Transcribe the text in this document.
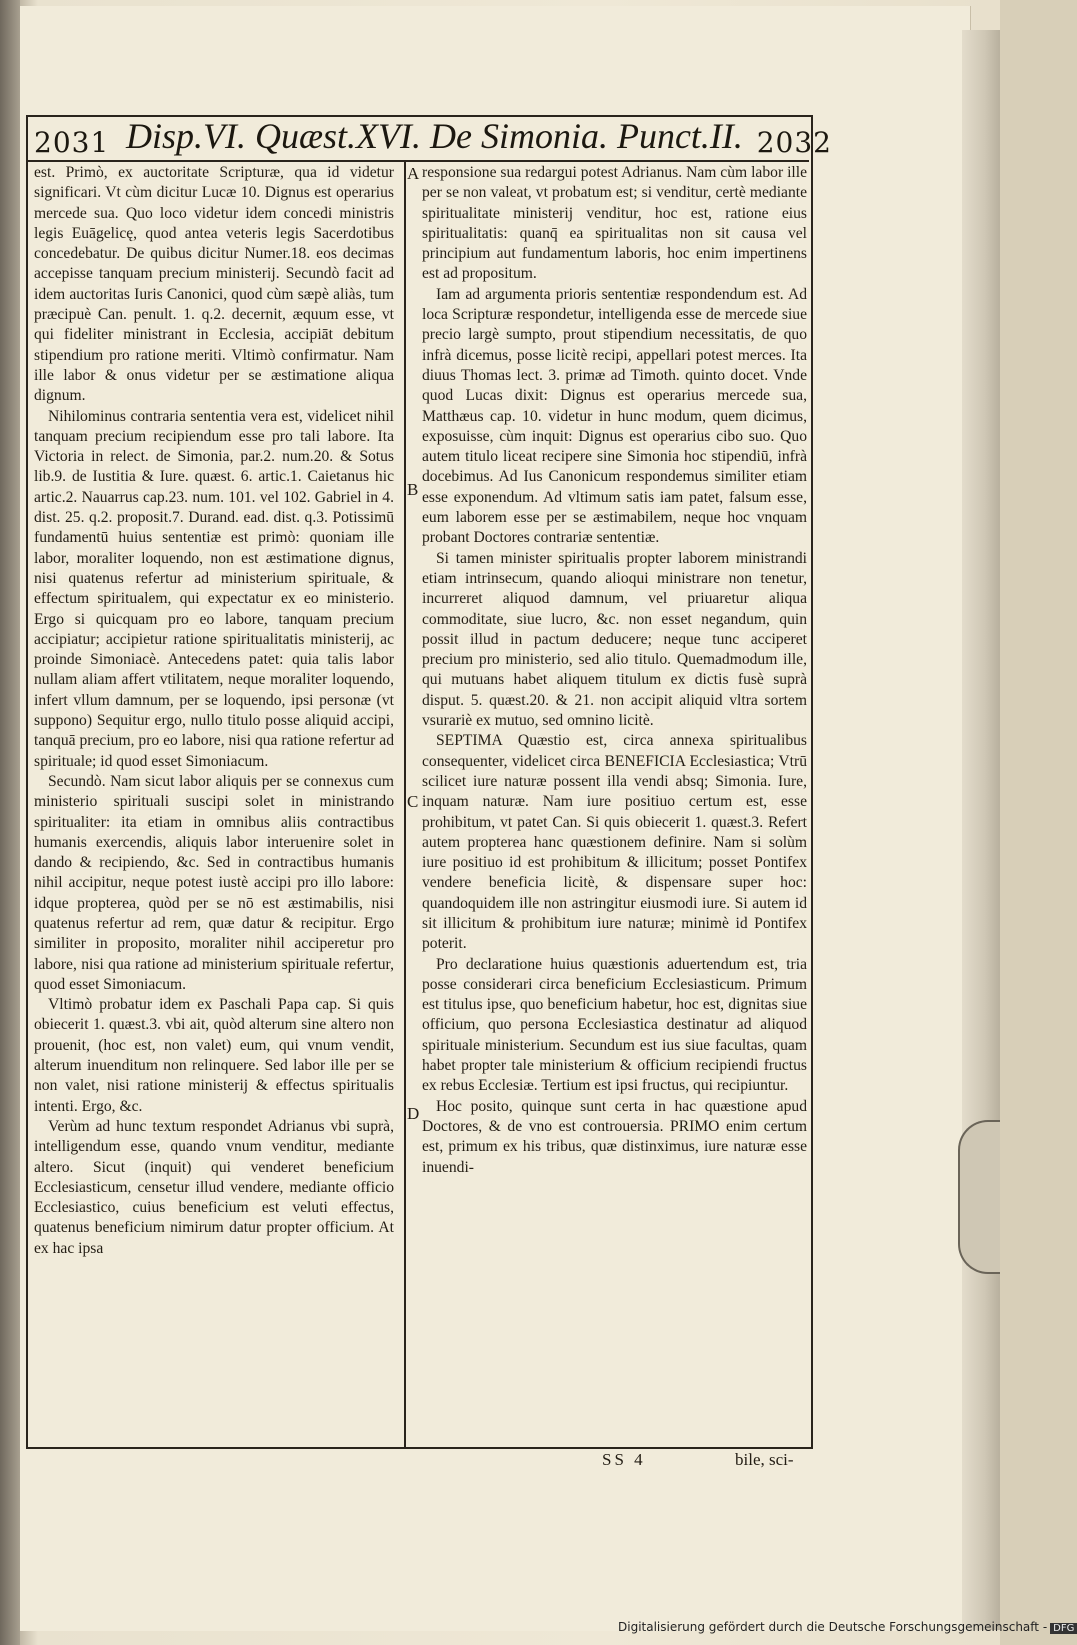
2031 Disp.VI. Quæst.XVI. De Simonia. Punct.II. 2032

est. Primò, ex auctoritate Scripturæ, qua id videtur significari. Vt cùm dicitur Lucæ 10. Dignus est operarius mercede sua. Quo loco videtur idem concedi ministris legis Euāgelicę, quod antea veteris legis Sacerdotibus concedebatur. De quibus dicitur Numer.18. eos decimas accepisse tanquam precium ministerij. Secundò facit ad idem auctoritas Iuris Canonici, quod cùm sæpè aliàs, tum præcipuè Can. penult. 1. q.2. decernit, æquum esse, vt qui fideliter ministrant in Ecclesia, accipiāt debitum stipendium pro ratione meriti. Vltimò confirmatur. Nam ille labor & onus videtur per se æstimatione aliqua dignum.

Nihilominus contraria sententia vera est, videlicet nihil tanquam precium recipiendum esse pro tali labore. Ita Victoria in relect. de Simonia, par.2. num.20. & Sotus lib.9. de Iustitia & Iure. quæst. 6. artic.1. Caietanus hic artic.2. Nauarrus cap.23. num. 101. vel 102. Gabriel in 4. dist. 25. q.2. proposit.7. Durand. ead. dist. q.3. Potissimū fundamentū huius sententiæ est primò: quoniam ille labor, moraliter loquendo, non est æstimatione dignus, nisi quatenus refertur ad ministerium spirituale, & effectum spiritualem, qui expectatur ex eo ministerio. Ergo si quicquam pro eo labore, tanquam precium accipiatur; accipietur ratione spiritualitatis ministerij, ac proinde Simoniacè. Antecedens patet: quia talis labor nullam aliam affert vtilitatem, neque moraliter loquendo, infert vllum damnum, per se loquendo, ipsi personæ (vt suppono) Sequitur ergo, nullo titulo posse aliquid accipi, tanquā precium, pro eo labore, nisi qua ratione refertur ad spirituale; id quod esset Simoniacum.

Secundò. Nam sicut labor aliquis per se connexus cum ministerio spirituali suscipi solet in ministrando spiritualiter: ita etiam in omnibus aliis contractibus humanis exercendis, aliquis labor interuenire solet in dando & recipiendo, &c. Sed in contractibus humanis nihil accipitur, neque potest iustè accipi pro illo labore: idque propterea, quòd per se nō est æstimabilis, nisi quatenus refertur ad rem, quæ datur & recipitur. Ergo similiter in proposito, moraliter nihil acciperetur pro labore, nisi qua ratione ad ministerium spirituale refertur, quod esset Simoniacum.

Vltimò probatur idem ex Paschali Papa cap. Si quis obiecerit 1. quæst.3. vbi ait, quòd alterum sine altero non prouenit, (hoc est, non valet) eum, qui vnum vendit, alterum inuenditum non relinquere. Sed labor ille per se non valet, nisi ratione ministerij & effectus spiritualis intenti. Ergo, &c.

Verùm ad hunc textum respondet Adrianus vbi suprà, intelligendum esse, quando vnum venditur, mediante altero. Sicut (inquit) qui venderet beneficium Ecclesiasticum, censetur illud vendere, mediante officio Ecclesiastico, cuius beneficium est veluti effectus, quatenus beneficium nimirum datur propter officium. At ex hac ipsa

responsione sua redargui potest Adrianus. Nam cùm labor ille per se non valeat, vt probatum est; si venditur, certè mediante spiritualitate ministerij venditur, hoc est, ratione eius spiritualitatis: quanq̄ ea spiritualitas non sit causa vel principium aut fundamentum laboris, hoc enim impertinens est ad propositum.

Iam ad argumenta prioris sententiæ respondendum est. Ad loca Scripturæ respondetur, intelligenda esse de mercede siue precio largè sumpto, prout stipendium necessitatis, de quo infrà dicemus, posse licitè recipi, appellari potest merces. Ita diuus Thomas lect. 3. primæ ad Timoth. quinto docet. Vnde quod Lucas dixit: Dignus est operarius mercede sua, Matthæus cap. 10. videtur in hunc modum, quem dicimus, exposuisse, cùm inquit: Dignus est operarius cibo suo. Quo autem titulo liceat recipere sine Simonia hoc stipendiū, infrà docebimus. Ad Ius Canonicum respondemus similiter etiam esse exponendum. Ad vltimum satis iam patet, falsum esse, eum laborem esse per se æstimabilem, neque hoc vnquam probant Doctores contrariæ sententiæ.

Si tamen minister spiritualis propter laborem ministrandi etiam intrinsecum, quando alioqui ministrare non tenetur, incurreret aliquod damnum, vel priuaretur aliqua commoditate, siue lucro, &c. non esset negandum, quin possit illud in pactum deducere; neque tunc acciperet precium pro ministerio, sed alio titulo. Quemadmodum ille, qui mutuans habet aliquem titulum ex dictis fusè suprà disput. 5. quæst.20. & 21. non accipit aliquid vltra sortem vsurariè ex mutuo, sed omnino licitè.

SEPTIMA Quæstio est, circa annexa spiritualibus consequenter, videlicet circa BENEFICIA Ecclesiastica; Vtrū scilicet iure naturæ possent illa vendi absq; Simonia. Iure, inquam naturæ. Nam iure positiuo certum est, esse prohibitum, vt patet Can. Si quis obiecerit 1. quæst.3. Refert autem propterea hanc quæstionem definire. Nam si solùm iure positiuo id est prohibitum & illicitum; posset Pontifex vendere beneficia licitè, & dispensare super hoc: quandoquidem ille non astringitur eiusmodi iure. Si autem id sit illicitum & prohibitum iure naturæ; minimè id Pontifex poterit.

Pro declaratione huius quæstionis aduertendum est, tria posse considerari circa beneficium Ecclesiasticum. Primum est titulus ipse, quo beneficium habetur, hoc est, dignitas siue officium, quo persona Ecclesiastica destinatur ad aliquod spirituale ministerium. Secundum est ius siue facultas, quam habet propter tale ministerium & officium recipiendi fructus ex rebus Ecclesiæ. Tertium est ipsi fructus, qui recipiuntur.

Hoc posito, quinque sunt certa in hac quæstione apud Doctores, & de vno est controuersia. PRIMO enim certum est, primum ex his tribus, quæ distinximus, iure naturæ esse inuendi-

A
B
C
D
SS 4	bile, sci-
Digitalisierung gefördert durch die Deutsche Forschungsgemeinschaft - DFG
